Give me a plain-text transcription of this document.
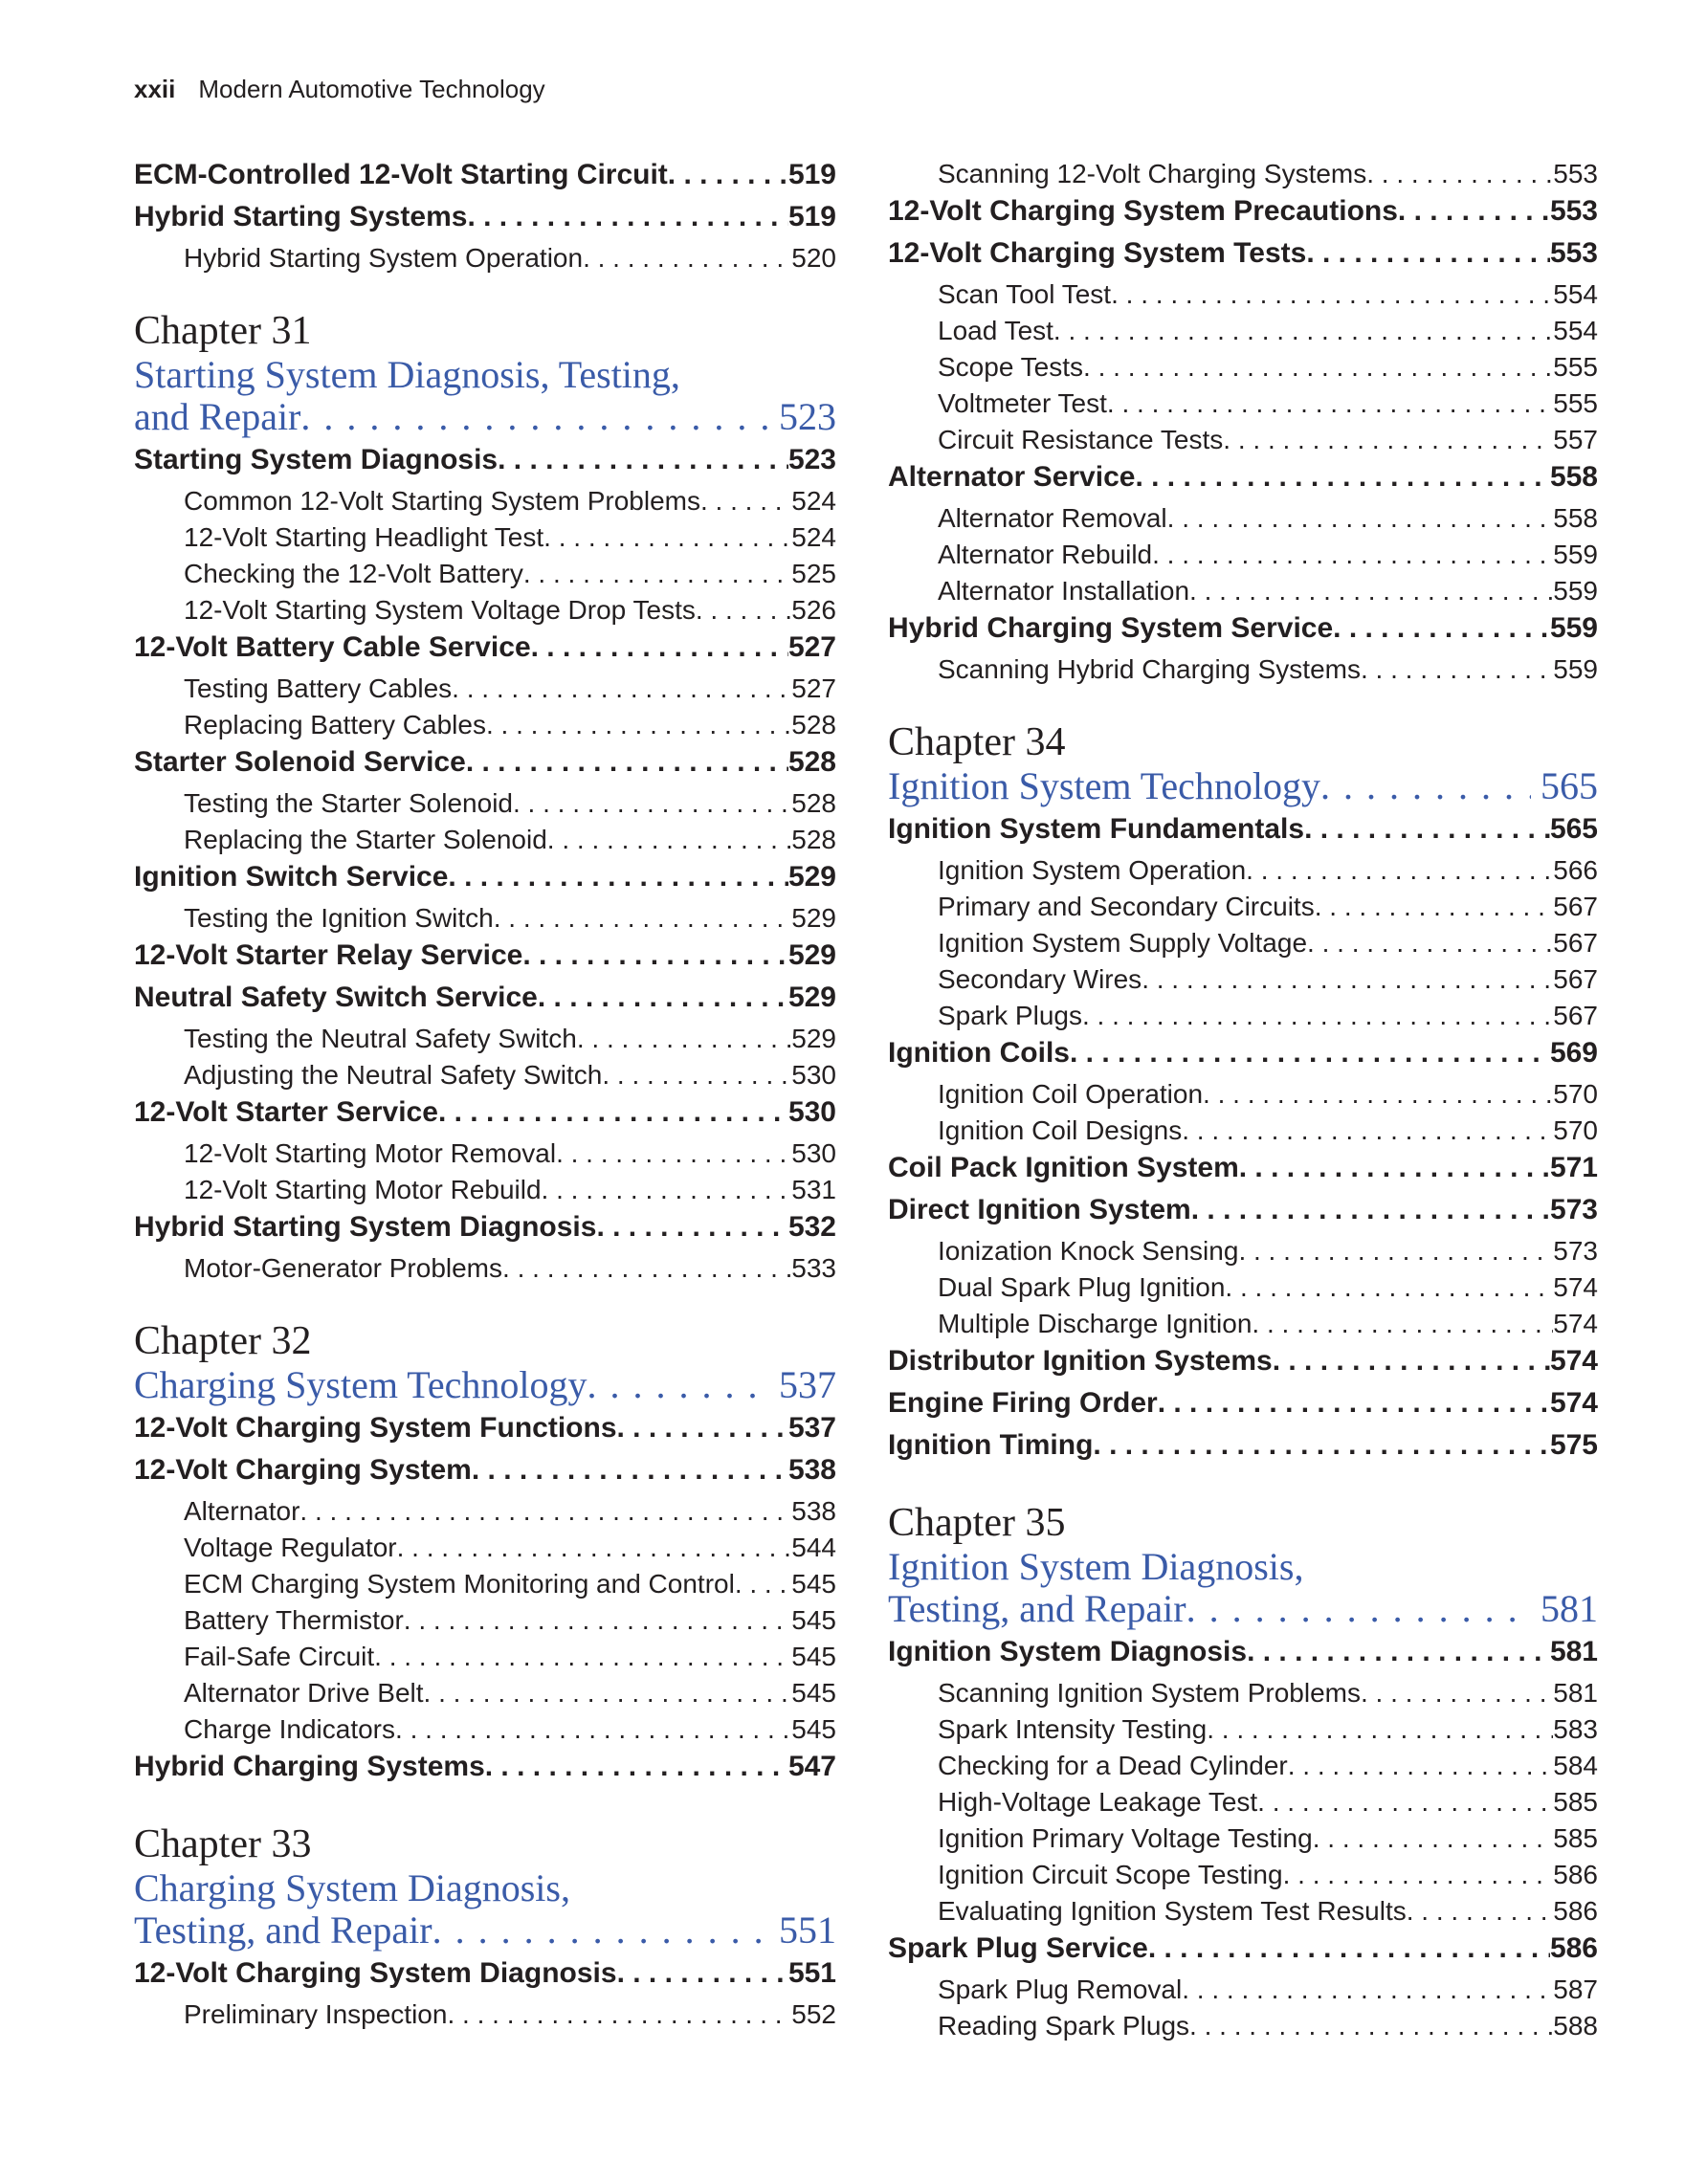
xxii Modern Automotive Technology
ECM-Controlled 12-Volt Starting Circuit . . .	519
Hybrid Starting Systems . . .	519
Hybrid Starting System Operation . . .	520
Chapter 31
Starting System Diagnosis, Testing,
and Repair . . .	523
Starting System Diagnosis . . .	523
Common 12-Volt Starting System Problems . . .	524
12-Volt Starting Headlight Test . . .	524
Checking the 12-Volt Battery . . .	525
12-Volt Starting System Voltage Drop Tests . . .	526
12-Volt Battery Cable Service . . .	527
Testing Battery Cables . . .	527
Replacing Battery Cables . . .	528
Starter Solenoid Service . . .	528
Testing the Starter Solenoid . . .	528
Replacing the Starter Solenoid . . .	528
Ignition Switch Service . . .	529
Testing the Ignition Switch . . .	529
12-Volt Starter Relay Service . . .	529
Neutral Safety Switch Service . . .	529
Testing the Neutral Safety Switch . . .	529
Adjusting the Neutral Safety Switch . . .	530
12-Volt Starter Service . . .	530
12-Volt Starting Motor Removal . . .	530
12-Volt Starting Motor Rebuild . . .	531
Hybrid Starting System Diagnosis . . .	532
Motor-Generator Problems . . .	533
Chapter 32
Charging System Technology . . .	537
12-Volt Charging System Functions . . .	537
12-Volt Charging System . . .	538
Alternator . . .	538
Voltage Regulator . . .	544
ECM Charging System Monitoring and Control . . . 545
Battery Thermistor . . .	545
Fail-Safe Circuit . . .	545
Alternator Drive Belt . . .	545
Charge Indicators . . .	545
Hybrid Charging Systems . . .	547
Chapter 33
Charging System Diagnosis,
Testing, and Repair . . .	551
12-Volt Charging System Diagnosis . . .	551
Preliminary Inspection . . .	552
Scanning 12-Volt Charging Systems . . .	553
12-Volt Charging System Precautions . . .	553
12-Volt Charging System Tests . . .	553
Scan Tool Test . . .	554
Load Test . . .	554
Scope Tests . . .	555
Voltmeter Test . . .	555
Circuit Resistance Tests . . .	557
Alternator Service . . .	558
Alternator Removal . . .	558
Alternator Rebuild . . .	559
Alternator Installation . . .	559
Hybrid Charging System Service . . .	559
Scanning Hybrid Charging Systems . . .	559
Chapter 34
Ignition System Technology . . .	565
Ignition System Fundamentals . . .	565
Ignition System Operation . . .	566
Primary and Secondary Circuits . . .	567
Ignition System Supply Voltage . . .	567
Secondary Wires . . .	567
Spark Plugs . . .	567
Ignition Coils . . .	569
Ignition Coil Operation . . .	570
Ignition Coil Designs . . .	570
Coil Pack Ignition System . . .	571
Direct Ignition System . . .	573
Ionization Knock Sensing . . .	573
Dual Spark Plug Ignition . . .	574
Multiple Discharge Ignition . . .	574
Distributor Ignition Systems . . .	574
Engine Firing Order . . .	574
Ignition Timing . . .	575
Chapter 35
Ignition System Diagnosis,
Testing, and Repair . . .	581
Ignition System Diagnosis . . .	581
Scanning Ignition System Problems . . .	581
Spark Intensity Testing . . .	583
Checking for a Dead Cylinder . . .	584
High-Voltage Leakage Test . . .	585
Ignition Primary Voltage Testing . . .	585
Ignition Circuit Scope Testing . . .	586
Evaluating Ignition System Test Results . . .	586
Spark Plug Service . . .	586
Spark Plug Removal . . .	587
Reading Spark Plugs . . .	588
